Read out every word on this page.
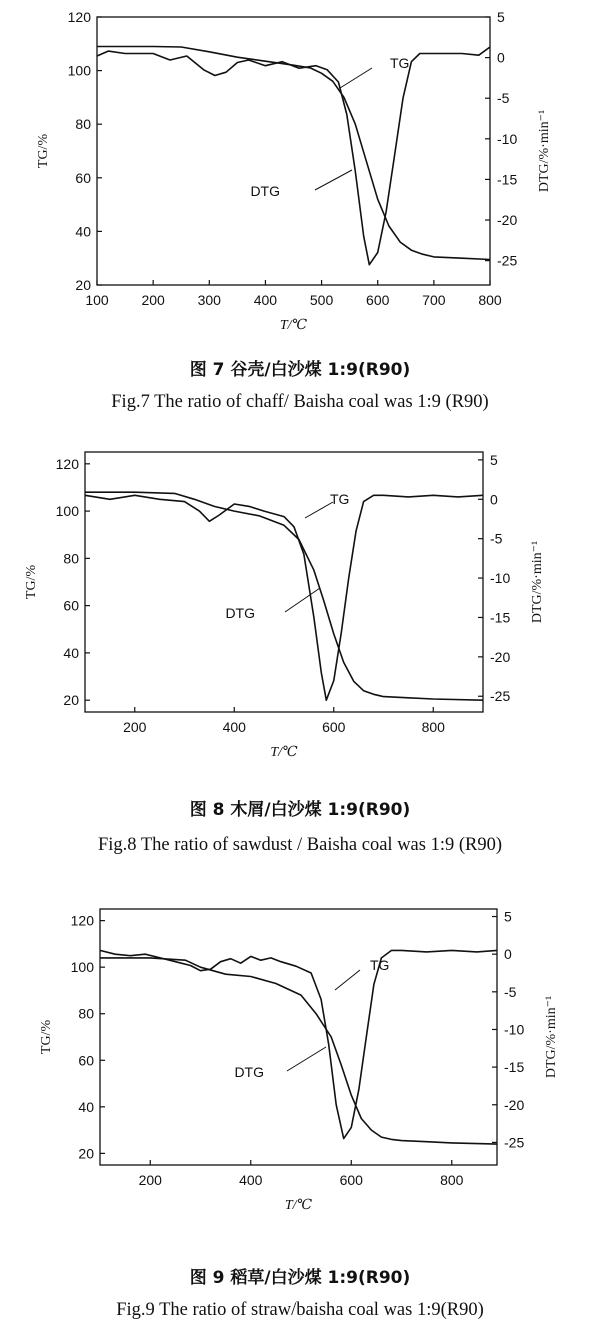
100 200 300 400 500 600 700 800
20
40
60
80
100
120	5
0
-5
-10
-15
-20
-25
T/℃
TG/%	DTG/%·min⁻¹
TG
DTG
图 7 谷壳/白沙煤 1:9(R90)
Fig.7 The ratio of chaff/ Baisha coal was 1:9 (R90)
200	400	600	800
20
40
60
80
100
120	5
0
-5
-10
-15
-20
-25
T/℃
TG/%	DTG/%·min⁻¹
TG
DTG
图 8 木屑/白沙煤 1:9(R90)
Fig.8 The ratio of sawdust / Baisha coal was 1:9 (R90)
200	400	600	800
20
40
60
80
100
120	5
0
-5
-10
-15
-20
-25
T/℃
TG/%	DTG/%·min⁻¹
TG
DTG
图 9 稻草/白沙煤 1:9(R90)
Fig.9 The ratio of straw/baisha coal was 1:9(R90)
